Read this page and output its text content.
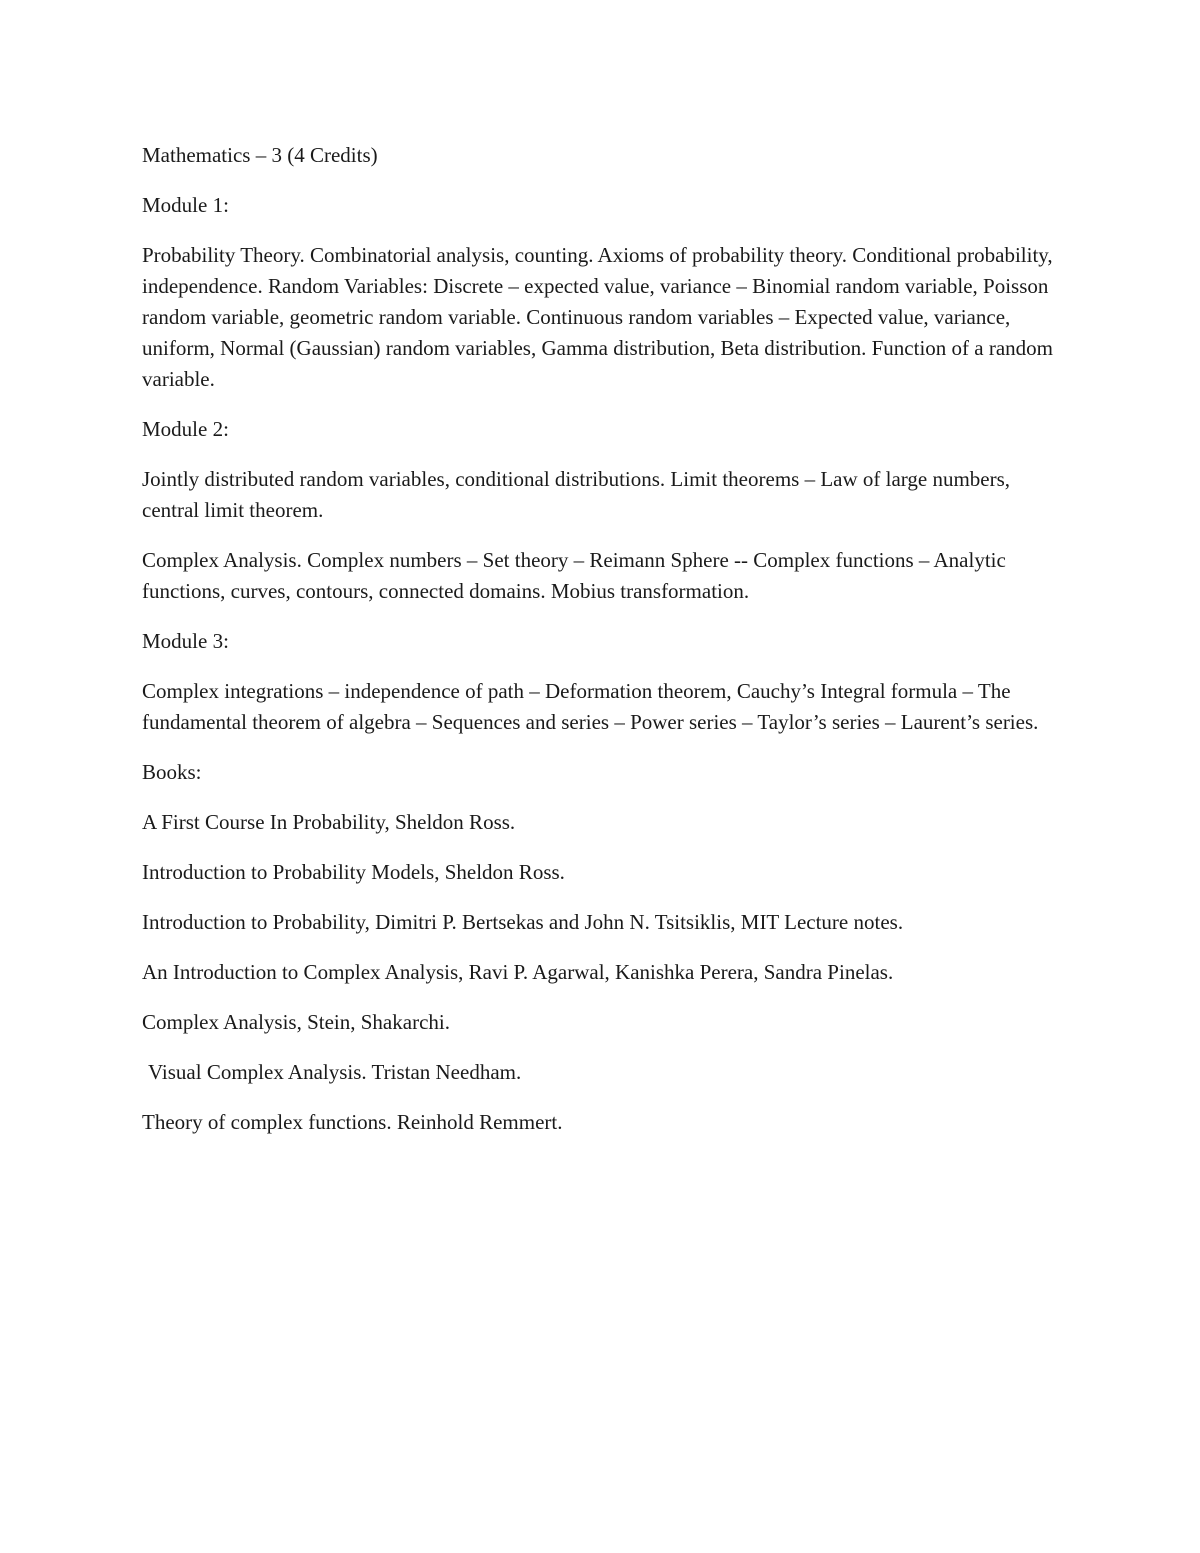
Mathematics – 3 (4 Credits)

Module 1:

Probability Theory. Combinatorial analysis, counting. Axioms of probability theory. Conditional probability, independence. Random Variables: Discrete – expected value, variance – Binomial random variable, Poisson random variable, geometric random variable. Continuous random variables – Expected value, variance, uniform, Normal (Gaussian) random variables, Gamma distribution, Beta distribution. Function of a random variable.

Module 2:

Jointly distributed random variables, conditional distributions. Limit theorems – Law of large numbers, central limit theorem.

Complex Analysis. Complex numbers – Set theory – Reimann Sphere -- Complex functions – Analytic functions, curves, contours, connected domains. Mobius transformation.

Module 3:

Complex integrations – independence of path – Deformation theorem, Cauchy’s Integral formula – The fundamental theorem of algebra – Sequences and series – Power series – Taylor’s series – Laurent’s series.

Books:

A First Course In Probability, Sheldon Ross.

Introduction to Probability Models, Sheldon Ross.

Introduction to Probability, Dimitri P. Bertsekas and John N. Tsitsiklis, MIT Lecture notes.

An Introduction to Complex Analysis, Ravi P. Agarwal, Kanishka Perera, Sandra Pinelas.

Complex Analysis, Stein, Shakarchi.

Visual Complex Analysis. Tristan Needham.

Theory of complex functions. Reinhold Remmert.
